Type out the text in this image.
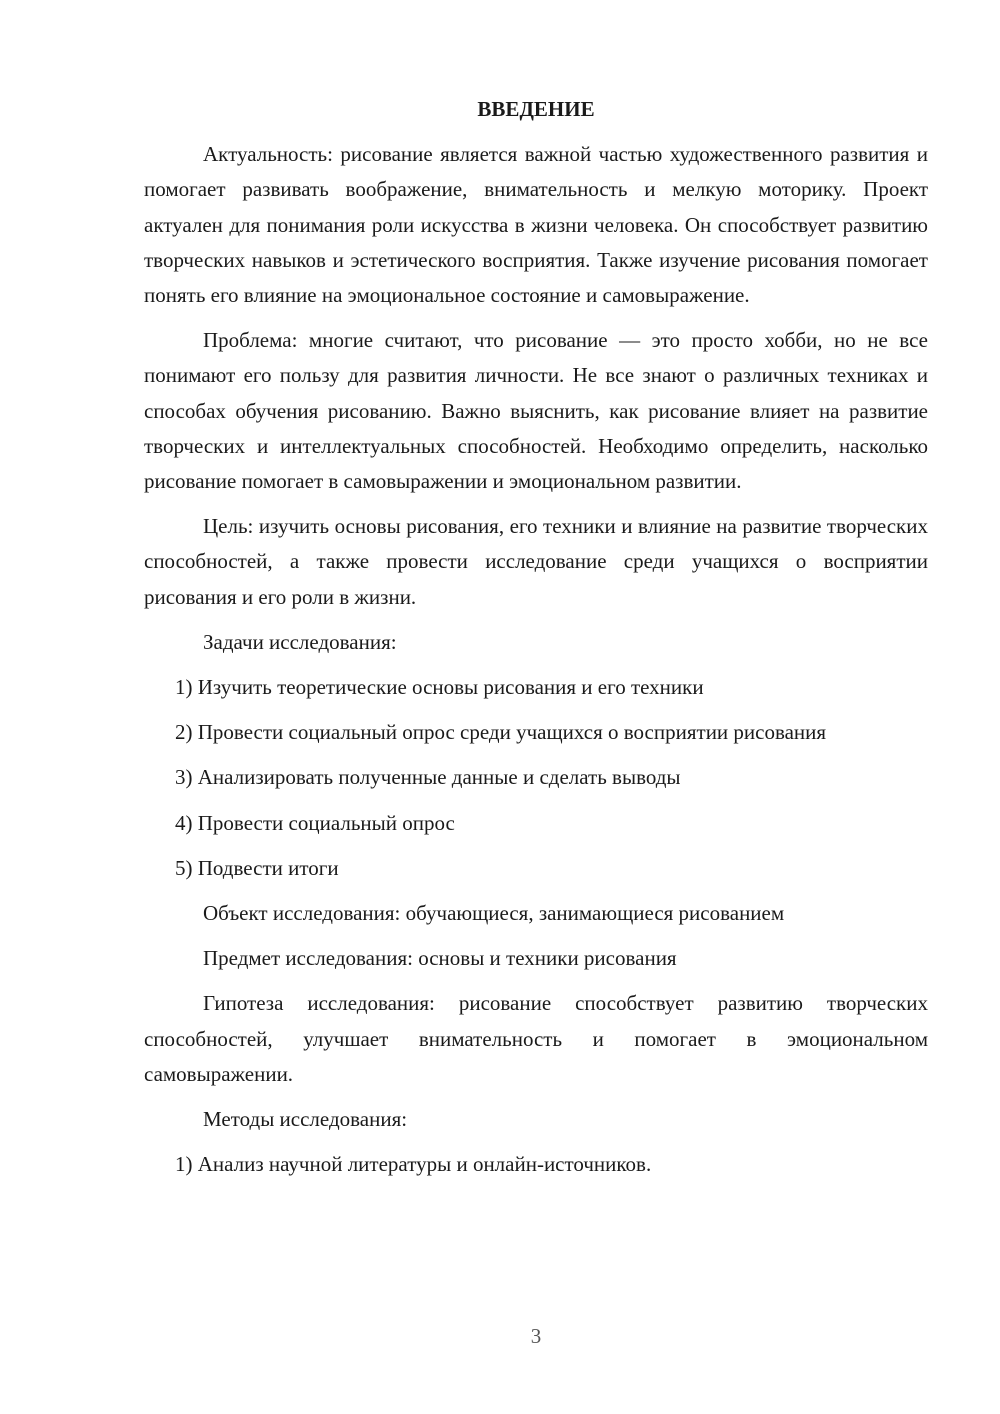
ВВЕДЕНИЕ

Актуальность: рисование является важной частью художественного развития и помогает развивать воображение, внимательность и мелкую моторику. Проект актуален для понимания роли искусства в жизни человека. Он способствует развитию творческих навыков и эстетического восприятия. Также изучение рисования помогает понять его влияние на эмоциональное состояние и самовыражение.

Проблема: многие считают, что рисование — это просто хобби, но не все понимают его пользу для развития личности. Не все знают о различных техниках и способах обучения рисованию. Важно выяснить, как рисование влияет на развитие творческих и интеллектуальных способностей. Необходимо определить, насколько рисование помогает в самовыражении и эмоциональном развитии.

Цель: изучить основы рисования, его техники и влияние на развитие творческих способностей, а также провести исследование среди учащихся о восприятии рисования и его роли в жизни.

Задачи исследования:

1) Изучить теоретические основы рисования и его техники

2) Провести социальный опрос среди учащихся о восприятии рисования

3) Анализировать полученные данные и сделать выводы

4) Провести социальный опрос

5) Подвести итоги

Объект исследования: обучающиеся, занимающиеся рисованием

Предмет исследования: основы и техники рисования

Гипотеза исследования: рисование способствует развитию творческих способностей, улучшает внимательность и помогает в эмоциональном самовыражении.

Методы исследования:

1) Анализ научной литературы и онлайн-источников.

3
